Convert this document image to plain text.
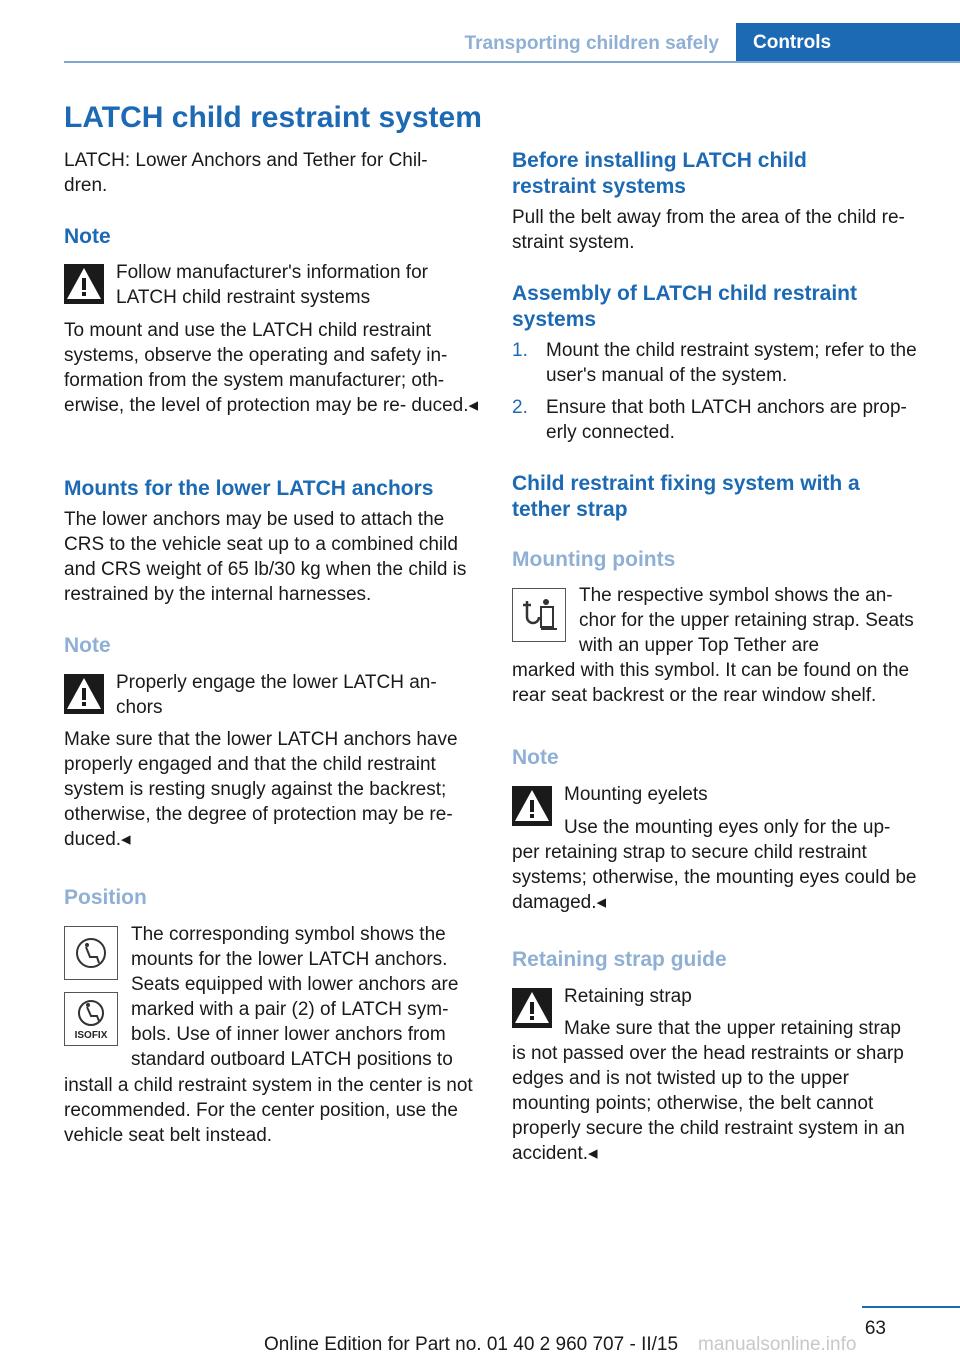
Transporting children safely	Controls
LATCH child restraint system

LATCH: Lower Anchors and Tether for Chil- dren.

Note

Follow manufacturer's information for LATCH child restraint systems

To mount and use the LATCH child restraint systems, observe the operating and safety in- formation from the system manufacturer; oth- erwise, the level of protection may be re- duced.◂

Mounts for the lower LATCH anchors

The lower anchors may be used to attach the CRS to the vehicle seat up to a combined child and CRS weight of 65 lb/30 kg when the child is restrained by the internal harnesses.

Note

Properly engage the lower LATCH an- chors

Make sure that the lower LATCH anchors have properly engaged and that the child restraint system is resting snugly against the backrest; otherwise, the degree of protection may be re- duced.◂

Position
ISOFIX

The corresponding symbol shows the mounts for the lower LATCH anchors. Seats equipped with lower anchors are marked with a pair (2) of LATCH sym- bols. Use of inner lower anchors from standard outboard LATCH positions to

install a child restraint system in the center is not recommended. For the center position, use the vehicle seat belt instead.

Before installing LATCH child restraint systems

Pull the belt away from the area of the child re- straint system.

Assembly of LATCH child restraint systems
1. Mount the child restraint system; refer to the user's manual of the system.
2. Ensure that both LATCH anchors are prop- erly connected.
Child restraint fixing system with a tether strap
Mounting points

The respective symbol shows the an- chor for the upper retaining strap. Seats with an upper Top Tether are

marked with this symbol. It can be found on the rear seat backrest or the rear window shelf.

Note

Mounting eyelets

Use the mounting eyes only for the up-

per retaining strap to secure child restraint systems; otherwise, the mounting eyes could be damaged.◂

Retaining strap guide

Retaining strap

Make sure that the upper retaining strap

is not passed over the head restraints or sharp edges and is not twisted up to the upper mounting points; otherwise, the belt cannot properly secure the child restraint system in an accident.◂

63
Online Edition for Part no. 01 40 2 960 707 - II/15 manualsonline.info
